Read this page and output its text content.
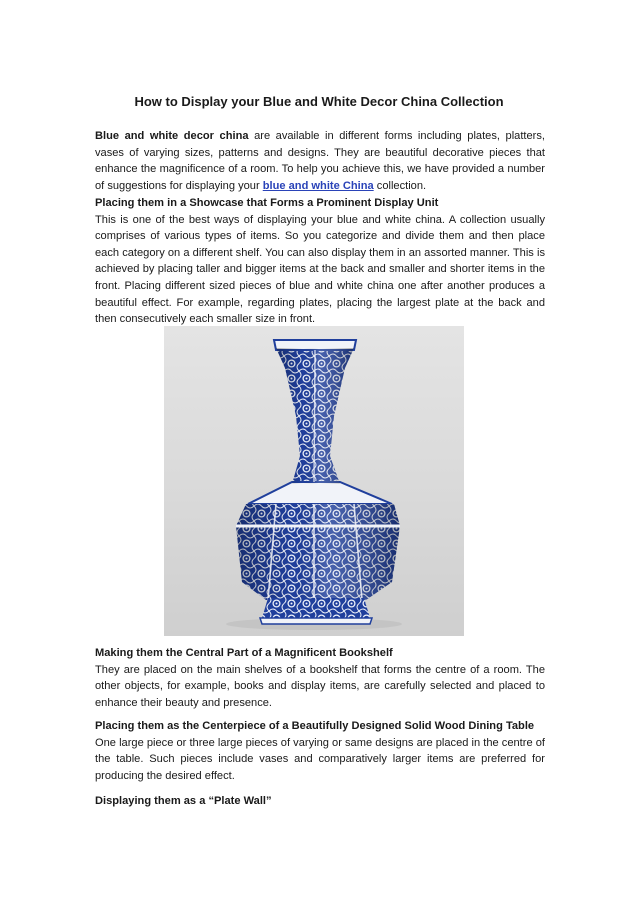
How to Display your Blue and White Decor China Collection

Blue and white decor china are available in different forms including plates, platters, vases of varying sizes, patterns and designs. They are beautiful decorative pieces that enhance the magnificence of a room. To help you achieve this, we have provided a number of suggestions for displaying your blue and white China collection.

Placing them in a Showcase that Forms a Prominent Display Unit

This is one of the best ways of displaying your blue and white china. A collection usually comprises of various types of items. So you categorize and divide them and then place each category on a different shelf. You can also display them in an assorted manner. This is achieved by placing taller and bigger items at the back and smaller and shorter items in the front. Placing different sized pieces of blue and white china one after another produces a beautiful effect. For example, regarding plates, placing the largest plate at the back and then consecutively each smaller size in front.

Making them the Central Part of a Magnificent Bookshelf

They are placed on the main shelves of a bookshelf that forms the centre of a room. The other objects, for example, books and display items, are carefully selected and placed to enhance their beauty and presence.

Placing them as the Centerpiece of a Beautifully Designed Solid Wood Dining Table

One large piece or three large pieces of varying or same designs are placed in the centre of the table. Such pieces include vases and comparatively larger items are preferred for producing the desired effect.

Displaying them as a “Plate Wall”
